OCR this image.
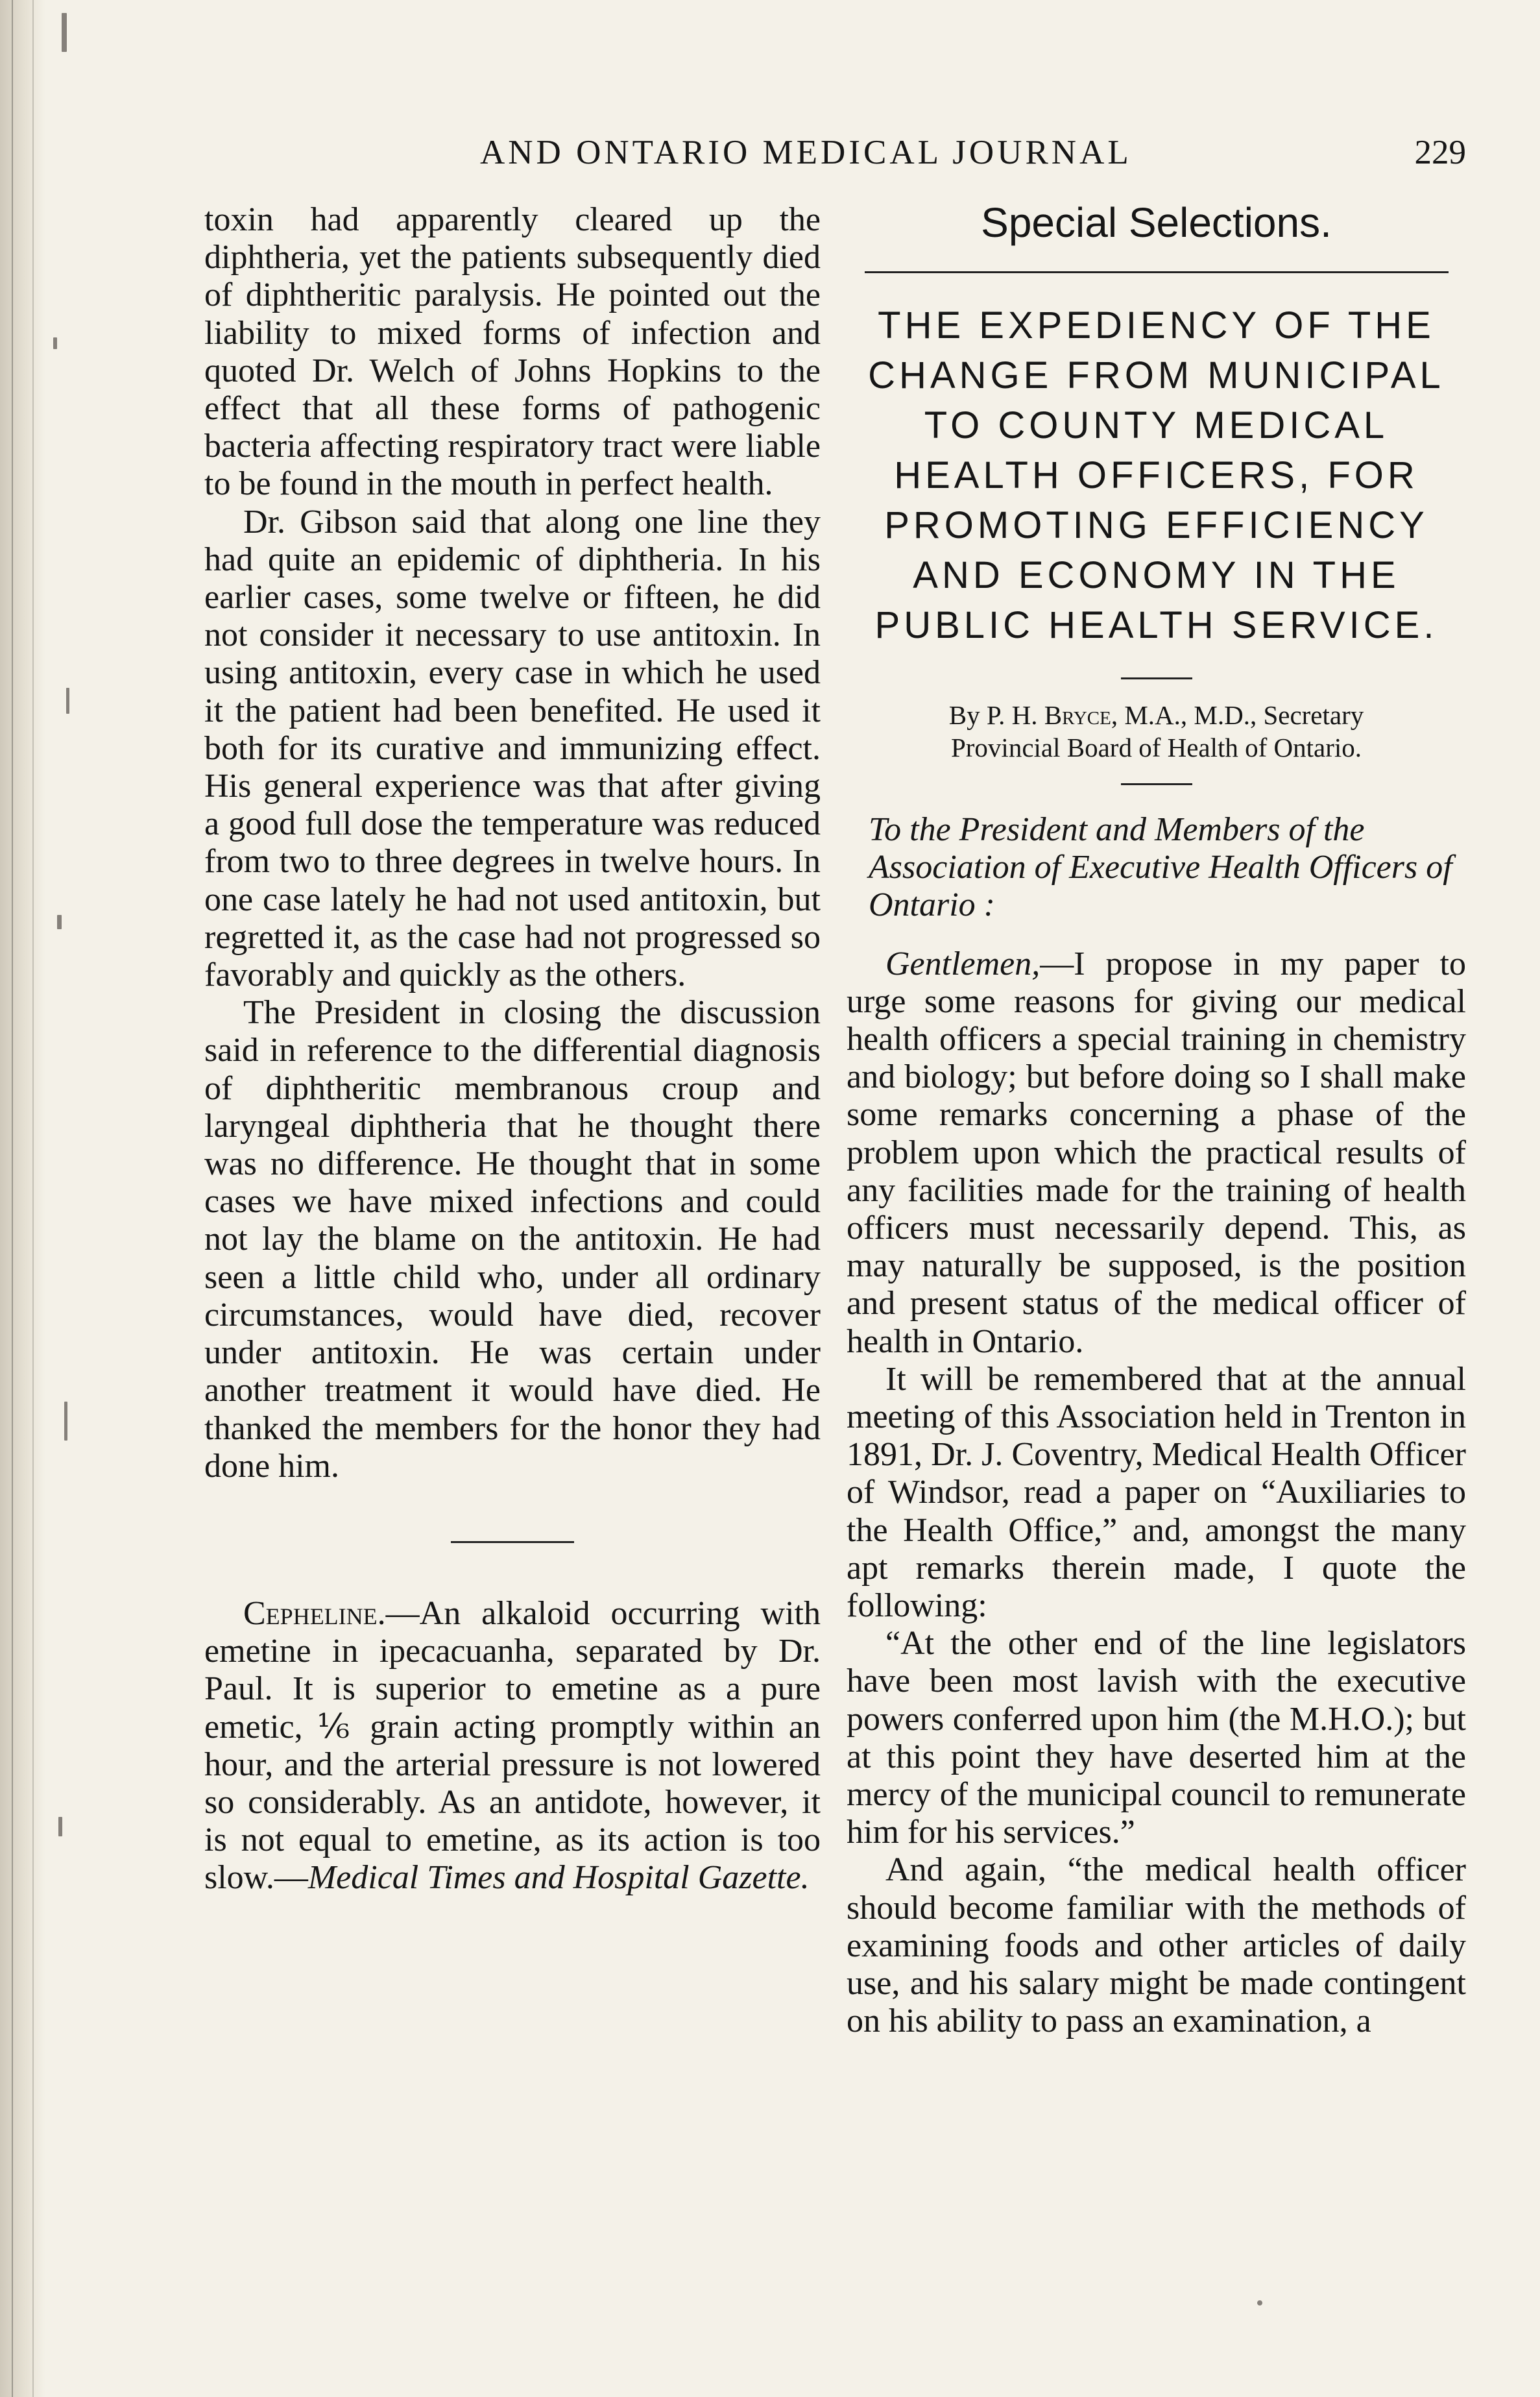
AND ONTARIO MEDICAL JOURNAL	229

toxin had apparently cleared up the diphtheria, yet the patients subsequently died of diphtheritic paralysis. He pointed out the liability to mixed forms of infection and quoted Dr. Welch of Johns Hopkins to the effect that all these forms of pathogenic bacteria affecting respiratory tract were liable to be found in the mouth in perfect health.

Dr. Gibson said that along one line they had quite an epidemic of diphtheria. In his earlier cases, some twelve or fifteen, he did not consider it necessary to use antitoxin. In using antitoxin, every case in which he used it the patient had been benefited. He used it both for its curative and immunizing effect. His general experience was that after giving a good full dose the temperature was reduced from two to three degrees in twelve hours. In one case lately he had not used antitoxin, but regretted it, as the case had not progressed so favorably and quickly as the others.

The President in closing the discussion said in reference to the differential diagnosis of diphtheritic membranous croup and laryngeal diphtheria that he thought there was no difference. He thought that in some cases we have mixed infections and could not lay the blame on the antitoxin. He had seen a little child who, under all ordinary circumstances, would have died, recover under antitoxin. He was certain under another treatment it would have died. He thanked the members for the honor they had done him.

Cepheline.—An alkaloid occurring with emetine in ipecacuanha, separated by Dr. Paul. It is superior to emetine as a pure emetic, ⅙ grain acting promptly within an hour, and the arterial pressure is not lowered so considerably. As an antidote, however, it is not equal to emetine, as its action is too slow.—Medical Times and Hospital Gazette.

Special Selections.
THE EXPEDIENCY OF THE CHANGE FROM MUNICIPAL TO COUNTY MEDICAL HEALTH OFFICERS, FOR PROMOTING EFFICIENCY AND ECONOMY IN THE PUBLIC HEALTH SERVICE.
By P. H. Bryce, M.A., M.D., Secretary
Provincial Board of Health of Ontario.

To the President and Members of the Association of Executive Health Officers of Ontario :

Gentlemen,—I propose in my paper to urge some reasons for giving our medical health officers a special training in chemistry and biology; but before doing so I shall make some remarks concerning a phase of the problem upon which the practical results of any facilities made for the training of health officers must necessarily depend. This, as may naturally be supposed, is the position and present status of the medical officer of health in Ontario.

It will be remembered that at the annual meeting of this Association held in Trenton in 1891, Dr. J. Coventry, Medical Health Officer of Windsor, read a paper on “Auxiliaries to the Health Office,” and, amongst the many apt remarks therein made, I quote the following:

“At the other end of the line legislators have been most lavish with the executive powers conferred upon him (the M.H.O.); but at this point they have deserted him at the mercy of the municipal council to remunerate him for his services.”

And again, “the medical health officer should become familiar with the methods of examining foods and other articles of daily use, and his salary might be made contingent on his ability to pass an examination, a
